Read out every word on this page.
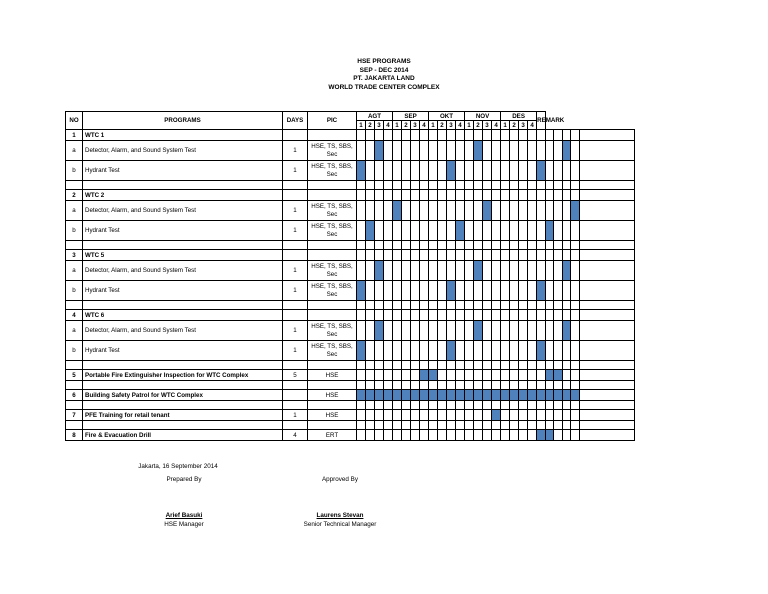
HSE PROGRAMS
SEP - DEC 2014
PT. JAKARTA LAND
WORLD TRADE CENTER COMPLEX
NO	PROGRAMS	DAYS	PIC	AGT				SEP				OKT				NOV				DES				REMARK					
				1	2	3	4	1	2	3	4	1	2	3	4	1	2	3	4	1	2	3	4						
1	WTC 1																												
a	Detector, Alarm, and Sound System Test	1	HSE, TS, SBS, Sec																										
b	Hydrant Test	1	HSE, TS, SBS, Sec																										

2	WTC 2																												
a	Detector, Alarm, and Sound System Test	1	HSE, TS, SBS, Sec																										
b	Hydrant Test	1	HSE, TS, SBS, Sec																										

3	WTC 5																												
a	Detector, Alarm, and Sound System Test	1	HSE, TS, SBS, Sec																										
b	Hydrant Test	1	HSE, TS, SBS, Sec																										

4	WTC 6																												
a	Detector, Alarm, and Sound System Test	1	HSE, TS, SBS, Sec																										
b	Hydrant Test	1	HSE, TS, SBS, Sec																										

5	Portable Fire Extinguisher Inspection for WTC Complex	5	HSE																										

6	Building Safety Patrol for WTC Complex		HSE																										

7	PFE Training for retail tenant	1	HSE																										

8	Fire & Evacuation Drill	4	ERT																										
Jakarta, 16 September 2014
Prepared By	Approved By
Arief Basuki
HSE Manager
Laurens Stevan
Senior Technical Manager
